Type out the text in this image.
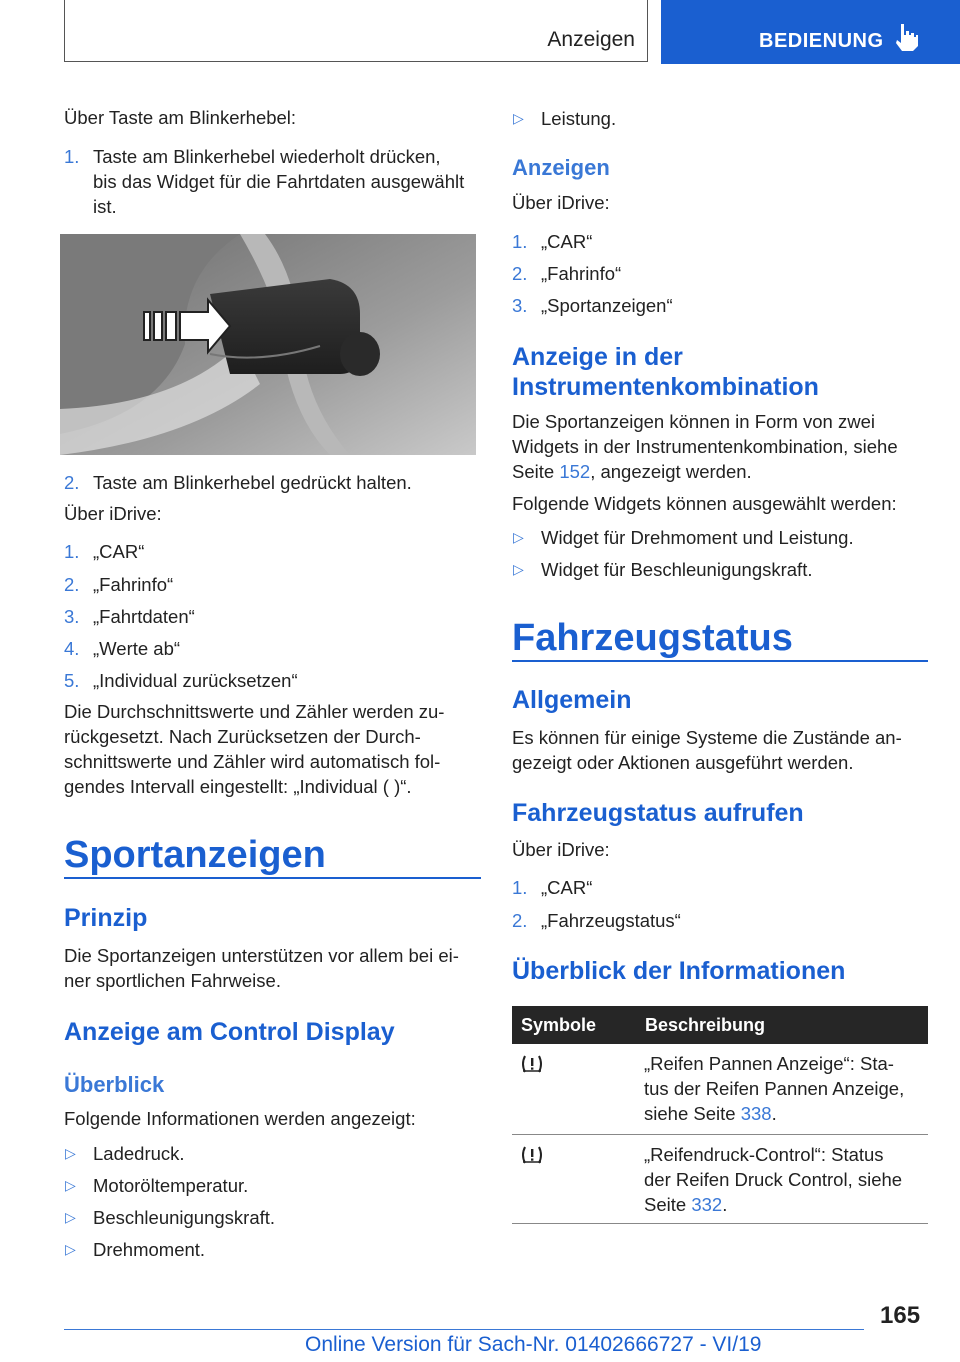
Anzeigen	BEDIENUNG
Über Taste am Blinkerhebel:
1. Taste am Blinkerhebel wiederholt drücken,
bis das Widget für die Fahrtdaten ausgewählt
ist.
2. Taste am Blinkerhebel gedrückt halten.
Über iDrive:
1. „CAR“
2. „Fahrinfo“
3. „Fahrtdaten“
4. „Werte ab“
5. „Individual zurücksetzen“
Die Durchschnittswerte und Zähler werden zu-
rückgesetzt. Nach Zurücksetzen der Durch-
schnittswerte und Zähler wird automatisch fol-
gendes Intervall eingestellt: „Individual ( )“.
Sportanzeigen
Prinzip
Die Sportanzeigen unterstützen vor allem bei ei-
ner sportlichen Fahrweise.
Anzeige am Control Display
Überblick
Folgende Informationen werden angezeigt:
▷ Ladedruck.
▷ Motoröltemperatur.
▷ Beschleunigungskraft.
▷ Drehmoment.
▷ Leistung.
Anzeigen
Über iDrive:
1. „CAR“
2. „Fahrinfo“
3. „Sportanzeigen“
Anzeige in der
Instrumentenkombination
Die Sportanzeigen können in Form von zwei
Widgets in der Instrumentenkombination, siehe
Seite 152, angezeigt werden.
Folgende Widgets können ausgewählt werden:
▷ Widget für Drehmoment und Leistung.
▷ Widget für Beschleunigungskraft.
Fahrzeugstatus
Allgemein
Es können für einige Systeme die Zustände an-
gezeigt oder Aktionen ausgeführt werden.
Fahrzeugstatus aufrufen
Über iDrive:
1. „CAR“
2. „Fahrzeugstatus“
Überblick der Informationen
Symbole	Beschreibung
„Reifen Pannen Anzeige“: Sta-
tus der Reifen Pannen Anzeige,
siehe Seite 338.
„Reifendruck-Control“: Status
der Reifen Druck Control, siehe
Seite 332.
165
Online Version für Sach-Nr. 01402666727 - VI/19
